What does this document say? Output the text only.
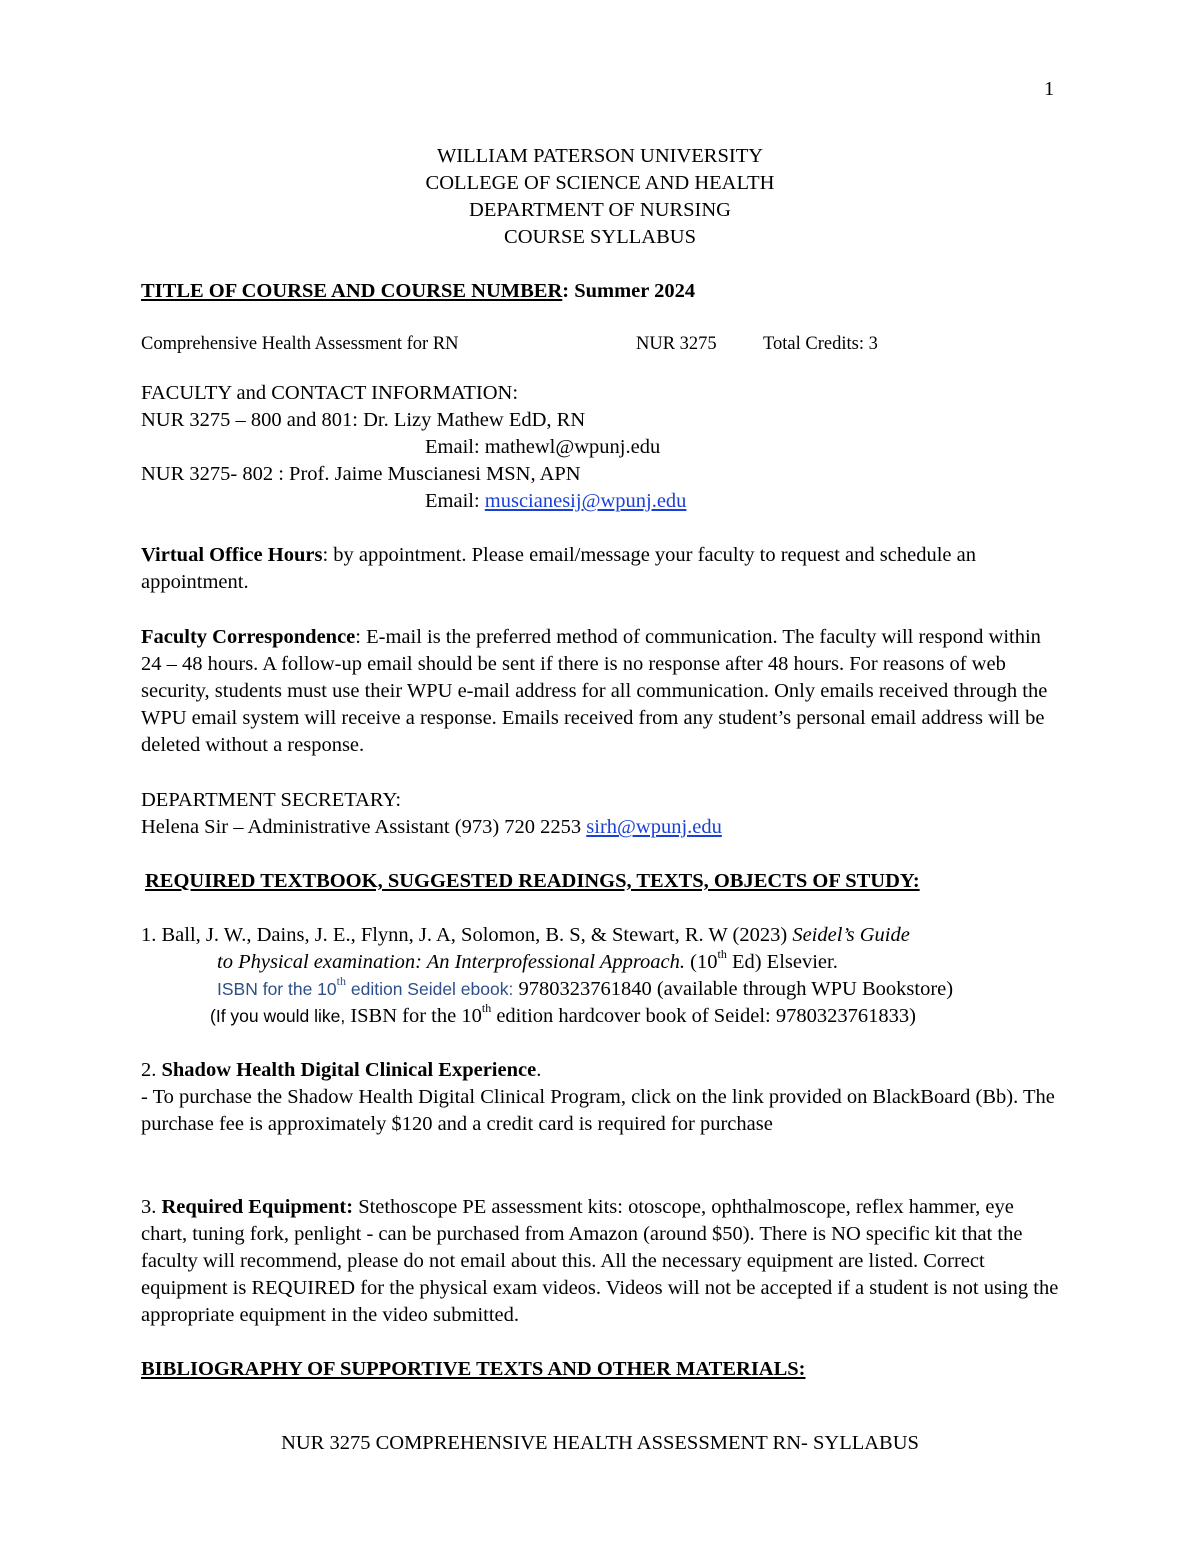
1
WILLIAM PATERSON UNIVERSITY
COLLEGE OF SCIENCE AND HEALTH
DEPARTMENT OF NURSING
COURSE SYLLABUS
TITLE OF COURSE AND COURSE NUMBER: Summer 2024
Comprehensive Health Assessment for RN	NUR 3275	Total Credits: 3
FACULTY and CONTACT INFORMATION:
NUR 3275 – 800 and 801: Dr. Lizy Mathew EdD, RN
Email: mathewl@wpunj.edu
NUR 3275- 802 : Prof. Jaime Muscianesi MSN, APN
Email: muscianesij@wpunj.edu
Virtual Office Hours: by appointment. Please email/message your faculty to request and schedule an appointment.
Faculty Correspondence: E-mail is the preferred method of communication. The faculty will respond within 24 – 48 hours. A follow-up email should be sent if there is no response after 48 hours. For reasons of web security, students must use their WPU e-mail address for all communication. Only emails received through the WPU email system will receive a response. Emails received from any student’s personal email address will be deleted without a response.
DEPARTMENT SECRETARY:
Helena Sir – Administrative Assistant (973) 720 2253 sirh@wpunj.edu
REQUIRED TEXTBOOK, SUGGESTED READINGS, TEXTS, OBJECTS OF STUDY:
1. Ball, J. W., Dains, J. E., Flynn, J. A, Solomon, B. S, & Stewart, R. W (2023) Seidel’s Guide
to Physical examination: An Interprofessional Approach. (10th Ed) Elsevier.
ISBN for the 10th edition Seidel ebook: 9780323761840 (available through WPU Bookstore)
(If you would like, ISBN for the 10th edition hardcover book of Seidel: 9780323761833)
2. Shadow Health Digital Clinical Experience.
- To purchase the Shadow Health Digital Clinical Program, click on the link provided on BlackBoard (Bb). The purchase fee is approximately $120 and a credit card is required for purchase
3. Required Equipment: Stethoscope PE assessment kits: otoscope, ophthalmoscope, reflex hammer, eye chart, tuning fork, penlight - can be purchased from Amazon (around $50). There is NO specific kit that the faculty will recommend, please do not email about this. All the necessary equipment are listed. Correct equipment is REQUIRED for the physical exam videos. Videos will not be accepted if a student is not using the appropriate equipment in the video submitted.
BIBLIOGRAPHY OF SUPPORTIVE TEXTS AND OTHER MATERIALS:
NUR 3275 COMPREHENSIVE HEALTH ASSESSMENT RN- SYLLABUS
